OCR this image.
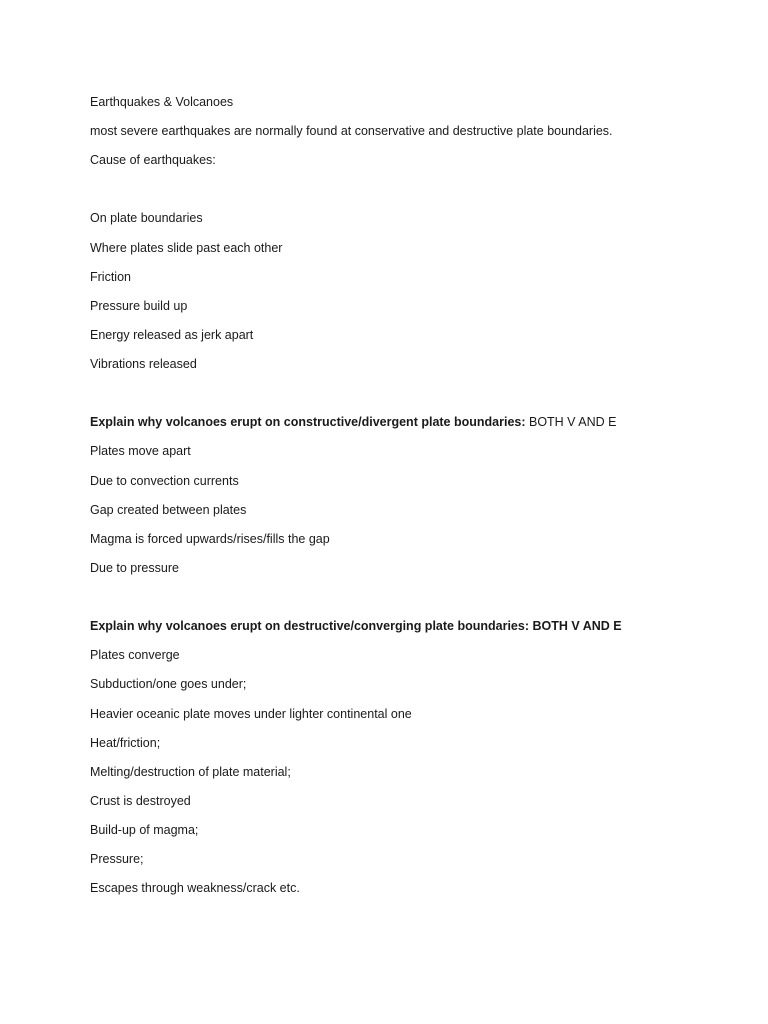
Earthquakes & Volcanoes
most severe earthquakes are normally found at conservative and destructive plate boundaries.
Cause of earthquakes:
On plate boundaries
Where plates slide past each other
Friction
Pressure build up
Energy released as jerk apart
Vibrations released
Explain why volcanoes erupt on constructive/divergent plate boundaries: BOTH V AND E
Plates move apart
Due to convection currents
Gap created between plates
Magma is forced upwards/rises/fills the gap
Due to pressure
Explain why volcanoes erupt on destructive/converging plate boundaries: BOTH V AND E
Plates converge
Subduction/one goes under;
Heavier oceanic plate moves under lighter continental one
Heat/friction;
Melting/destruction of plate material;
Crust is destroyed
Build-up of magma;
Pressure;
Escapes through weakness/crack etc.
